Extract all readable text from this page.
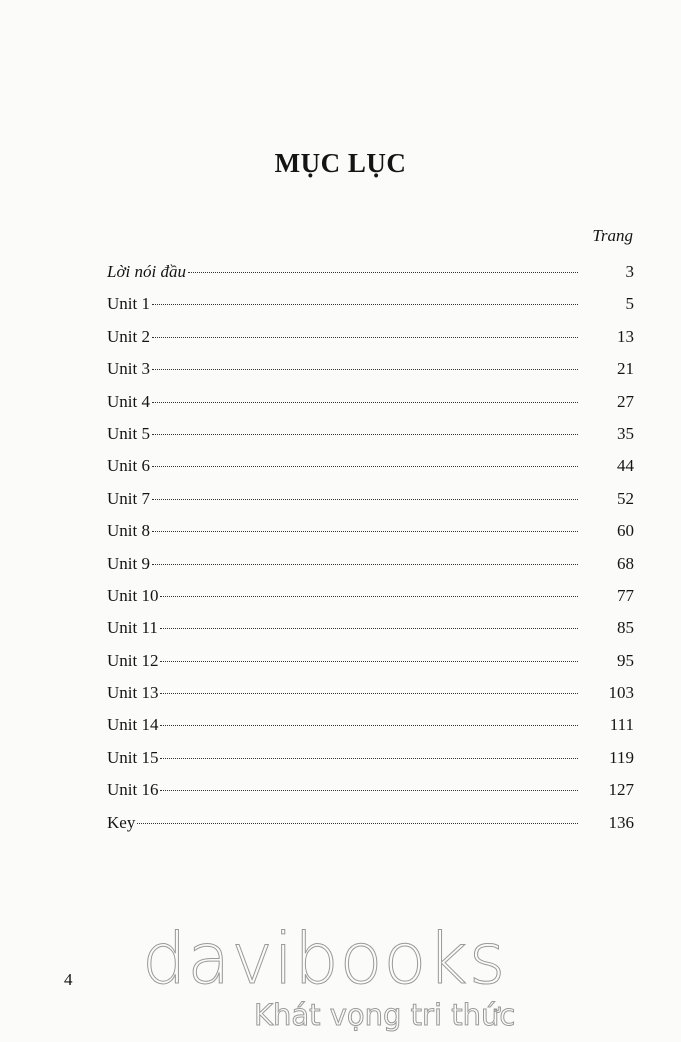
MỤC LỤC
Trang
Lời nói đầu	3
Unit 1	5
Unit 2	13
Unit 3	21
Unit 4	27
Unit 5	35
Unit 6	44
Unit 7	52
Unit 8	60
Unit 9	68
Unit 10	77
Unit 11	85
Unit 12	95
Unit 13	103
Unit 14	111
Unit 15	119
Unit 16	127
Key	136
4 davibooks
Khát vọng tri thức
